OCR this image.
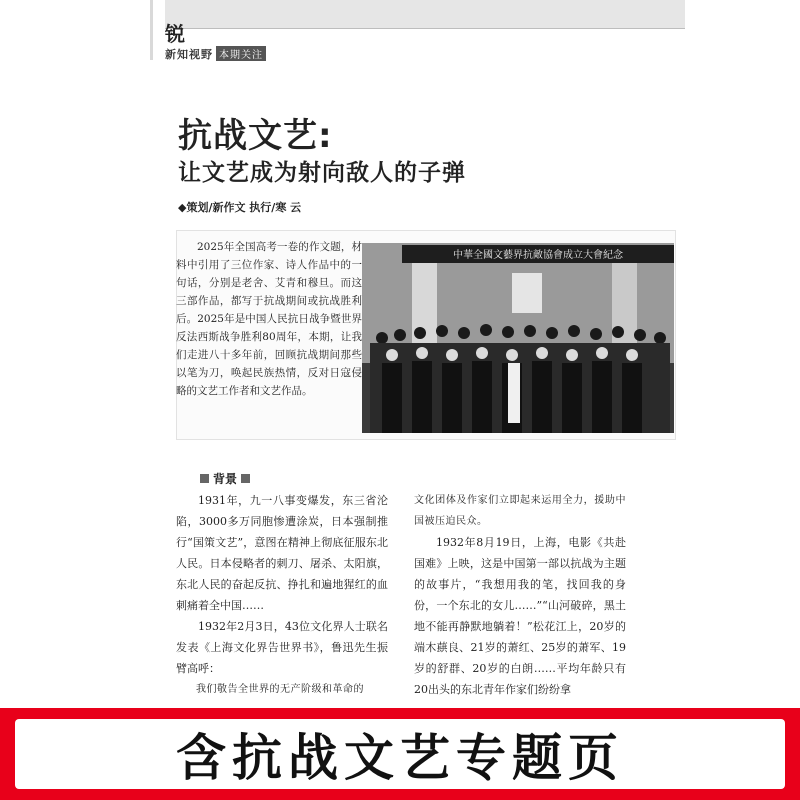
锐
新知视野 本期关注
抗战文艺:
让文艺成为射向敌人的子弹
◆策划/新作文 执行/寒 云

2025年全国高考一卷的作文题，材料中引用了三位作家、诗人作品中的一句话，分别是老舍、艾青和穆旦。而这三部作品，都写于抗战期间或抗战胜利后。2025年是中国人民抗日战争暨世界反法西斯战争胜利80周年，本期，让我们走进八十多年前，回顾抗战期间那些以笔为刀，唤起民族热情，反对日寇侵略的文艺工作者和文艺作品。

中華全國文藝界抗敵協會成立大會紀念
背景

1931年，九一八事变爆发，东三省沦陷，3000多万同胞惨遭涂炭，日本强制推行“国策文艺”，意图在精神上彻底征服东北人民。日本侵略者的刺刀、屠杀、太阳旗，东北人民的奋起反抗、挣扎和遍地猩红的血刺痛着全中国……

1932年2月3日，43位文化界人士联名发表《上海文化界告世界书》，鲁迅先生振臂高呼：

我们敬告全世界的无产阶级和革命的

文化团体及作家们立即起来运用全力，援助中国被压迫民众。

1932年8月19日，上海，电影《共赴国难》上映，这是中国第一部以抗战为主题的故事片，“我想用我的笔，找回我的身份，一个东北的女儿……”“山河破碎，黑土地不能再静默地躺着！”松花江上，20岁的端木蕻良、21岁的萧红、25岁的萧军、19岁的舒群、20岁的白朗……平均年龄只有20出头的东北青年作家们纷纷拿

含抗战文艺专题页
